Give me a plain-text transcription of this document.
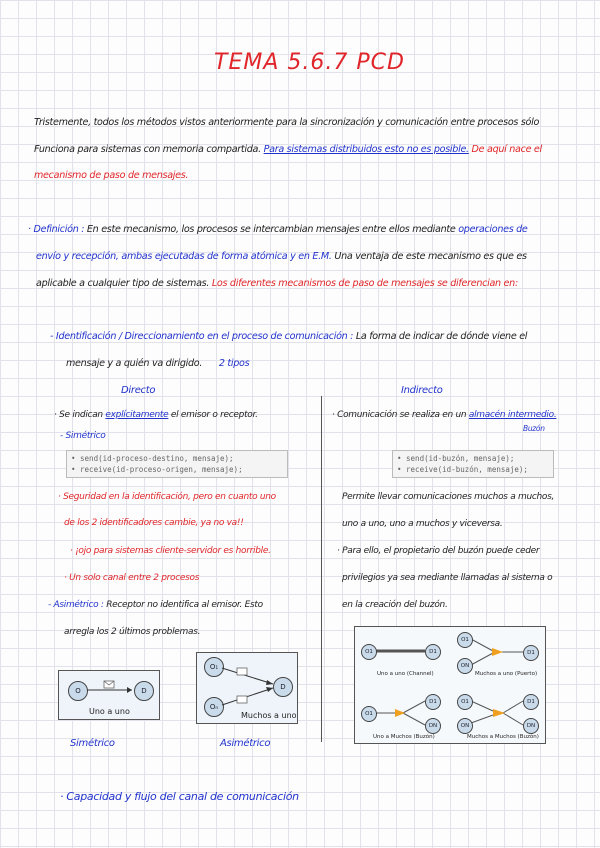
TEMA 5.6.7 PCD
Tristemente, todos los métodos vistos anteriormente para la sincronización y comunicación entre procesos sólo
Funciona para sistemas con memoria compartida. Para sistemas distribuidos esto no es posible. De aquí nace el
mecanismo de paso de mensajes.
· Definición : En este mecanismo, los procesos se intercambian mensajes entre ellos mediante operaciones de
envío y recepción, ambas ejecutadas de forma atómica y en E.M. Una ventaja de este mecanismo es que es
aplicable a cualquier tipo de sistemas. Los diferentes mecanismos de paso de mensajes se diferencian en:
- Identificación / Direccionamiento en el proceso de comunicación : La forma de indicar de dónde viene el
mensaje y a quién va dirigido. 2 tipos
Directo	Indirecto
· Se indican explícitamente el emisor o receptor.
- Simétrico
• send(id-proceso-destino, mensaje);
• receive(id-proceso-origen, mensaje);
· Seguridad en la identificación, pero en cuanto uno
de los 2 identificadores cambie, ya no va!!
· ¡ojo para sistemas cliente-servidor es horrible.
· Un solo canal entre 2 procesos
- Asimétrico : Receptor no identifica al emisor. Esto
arregla los 2 últimos problemas.
O	D
Uno a uno
O₁
Oₙ
D
Muchos a uno
Simétrico	Asimétrico
· Comunicación se realiza en un almacén intermedio.
Buzón
• send(id-buzón, mensaje);
• receive(id-buzón, mensaje);
Permite llevar comunicaciones muchos a muchos,
uno a uno, uno a muchos y viceversa.
· Para ello, el propietario del buzón puede ceder
privilegios ya sea mediante llamadas al sistema o
en la creación del buzón.
O1	D1
Uno a uno (Channel)
O1
ON
D1
Muchos a uno (Puerto)
O1
D1
DN
Uno a Muchos (Buzón)
O1
ON
D1
DN
Muchos a Muchos (Buzón)
· Capacidad y flujo del canal de comunicación
